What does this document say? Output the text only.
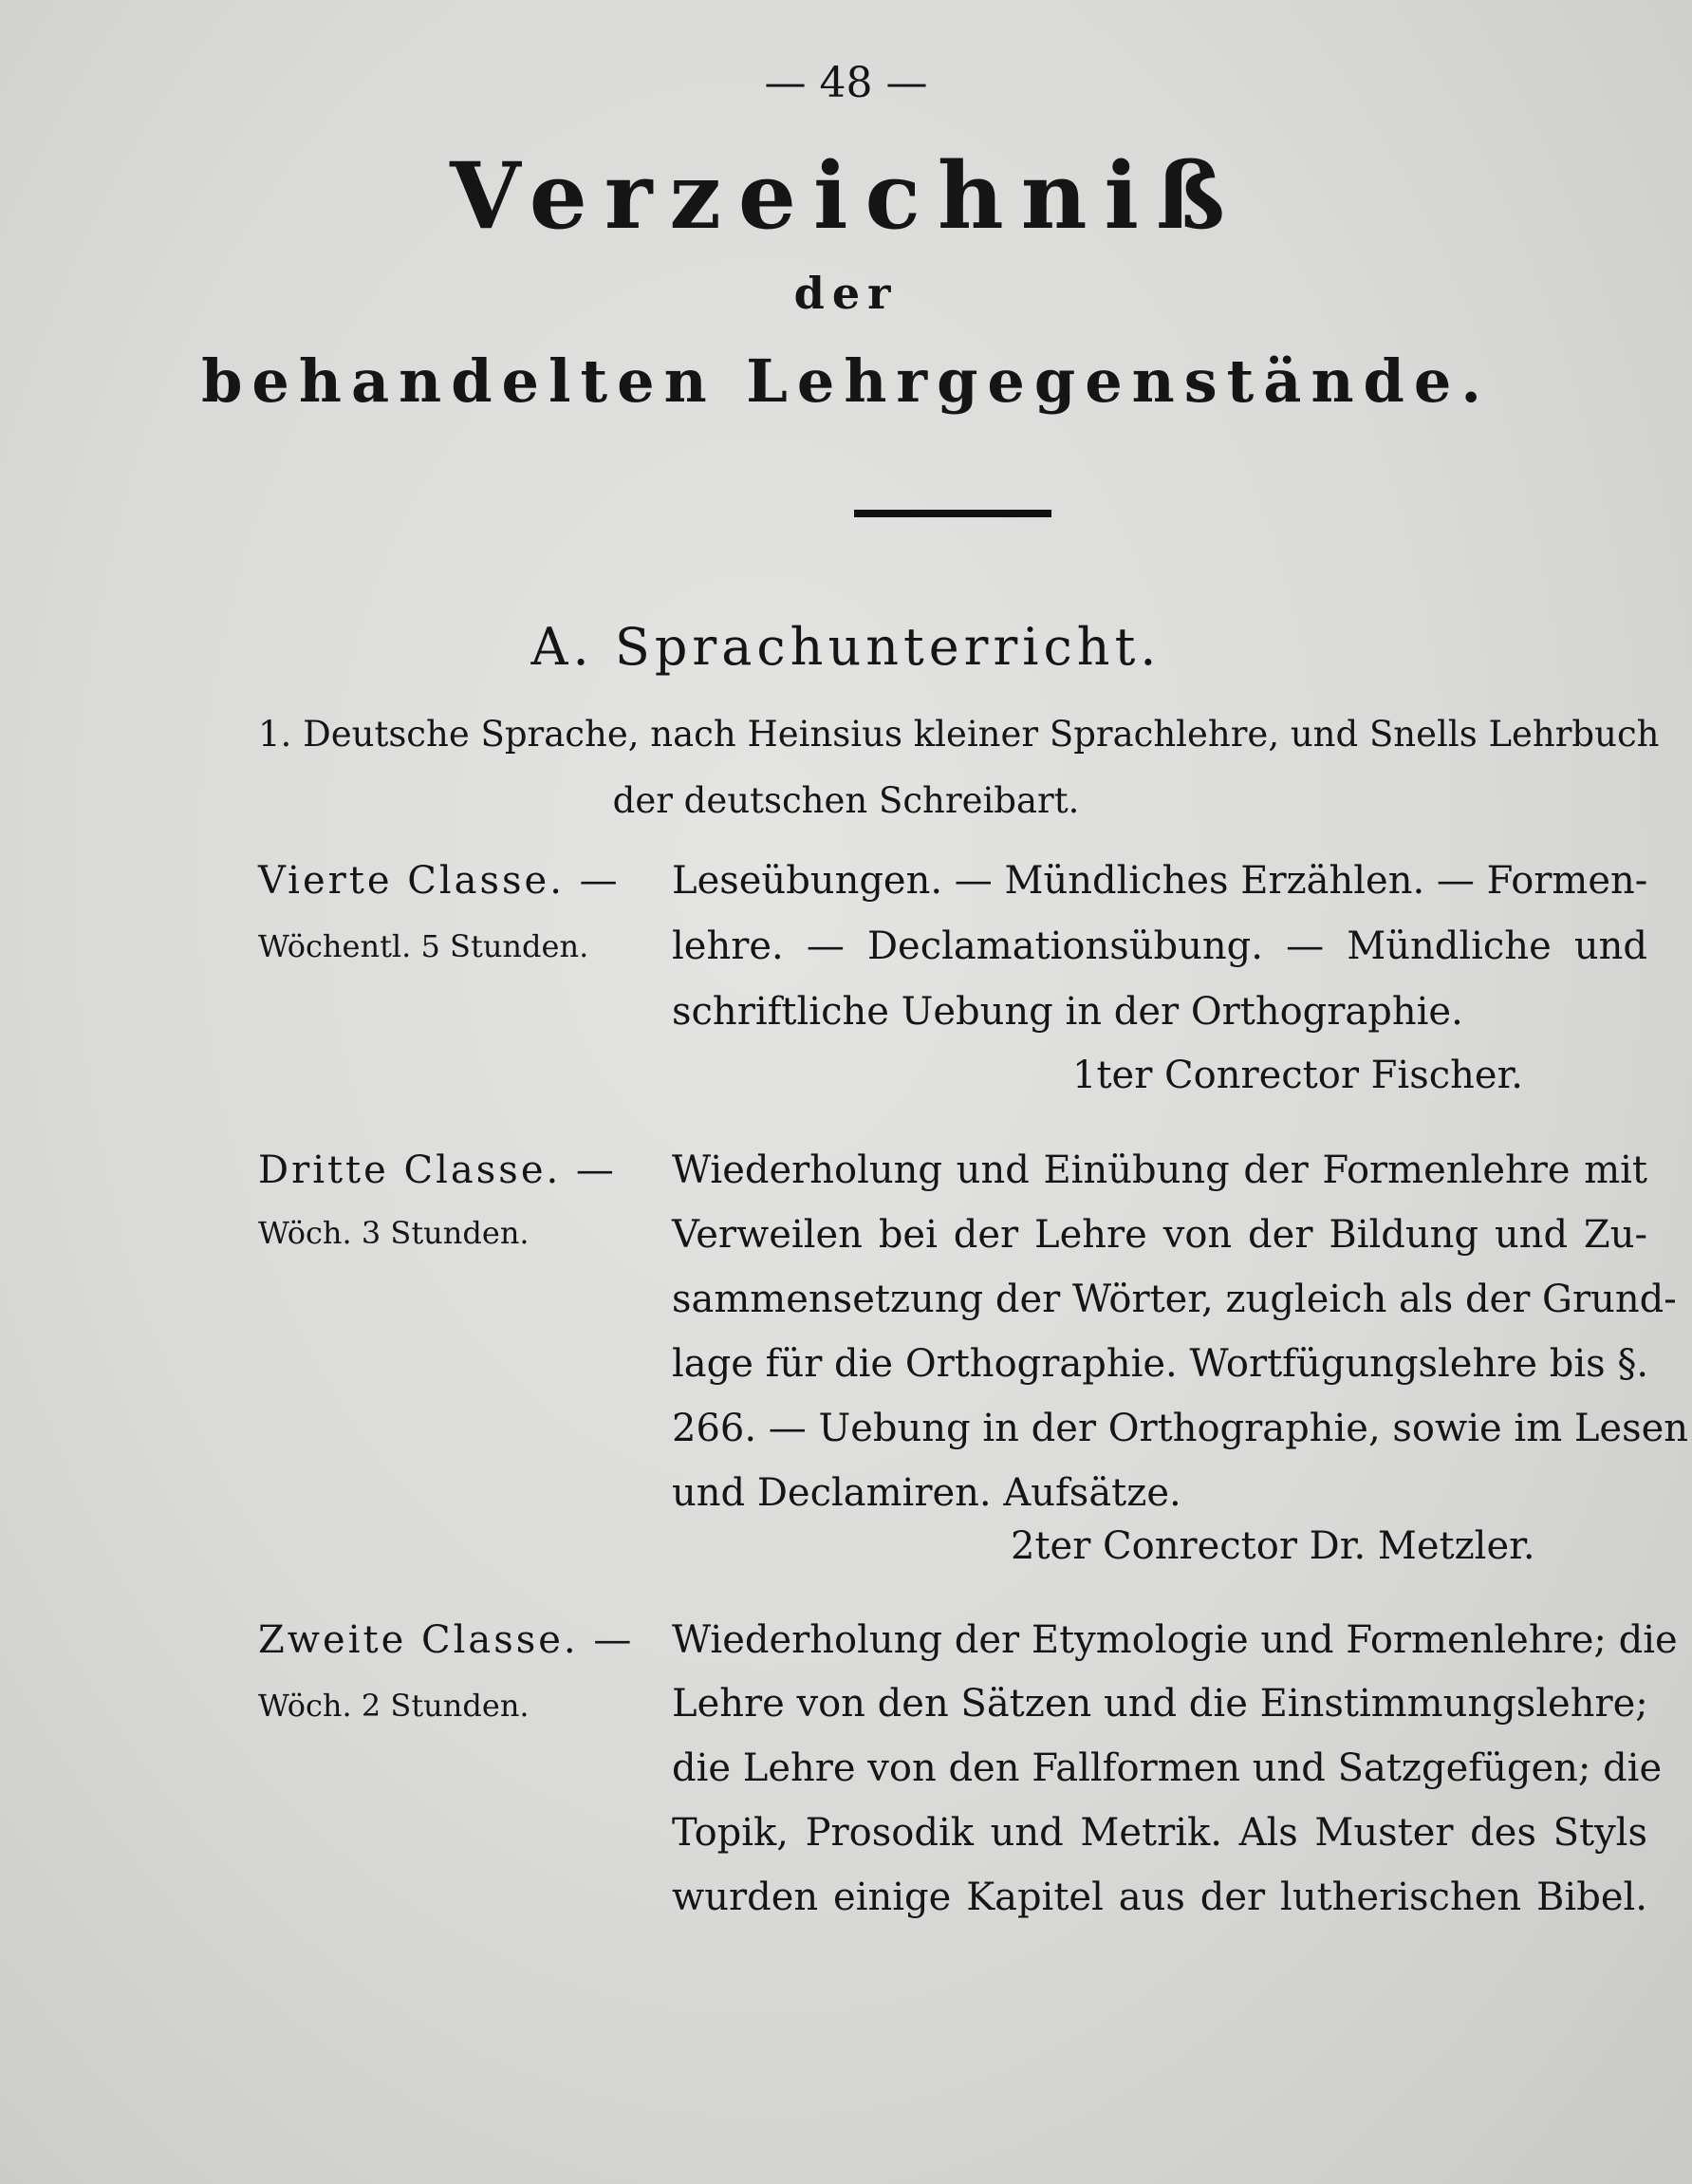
— 48 —
Verzeichniß
der
behandelten Lehrgegenstände.
A. Sprachunterricht.
1. Deutsche Sprache, nach Heinsius kleiner Sprachlehre, und Snells Lehrbuch
der deutschen Schreibart.
Vierte Classe. —
Wöchentl. 5 Stunden.
Leseübungen. — Mündliches Erzählen. — Formen-
lehre. — Declamationsübung. — Mündliche und
schriftliche Uebung in der Orthographie.
1ter Conrector Fischer.
Dritte Classe. —
Wöch. 3 Stunden.
Wiederholung und Einübung der Formenlehre mit
Verweilen bei der Lehre von der Bildung und Zu-
sammensetzung der Wörter, zugleich als der Grund-
lage für die Orthographie. Wortfügungslehre bis §.
266. — Uebung in der Orthographie, sowie im Lesen
und Declamiren. Aufsätze.
2ter Conrector Dr. Metzler.
Zweite Classe. —
Wöch. 2 Stunden.
Wiederholung der Etymologie und Formenlehre; die
Lehre von den Sätzen und die Einstimmungslehre;
die Lehre von den Fallformen und Satzgefügen; die
Topik, Prosodik und Metrik. Als Muster des Styls
wurden einige Kapitel aus der lutherischen Bibel.
